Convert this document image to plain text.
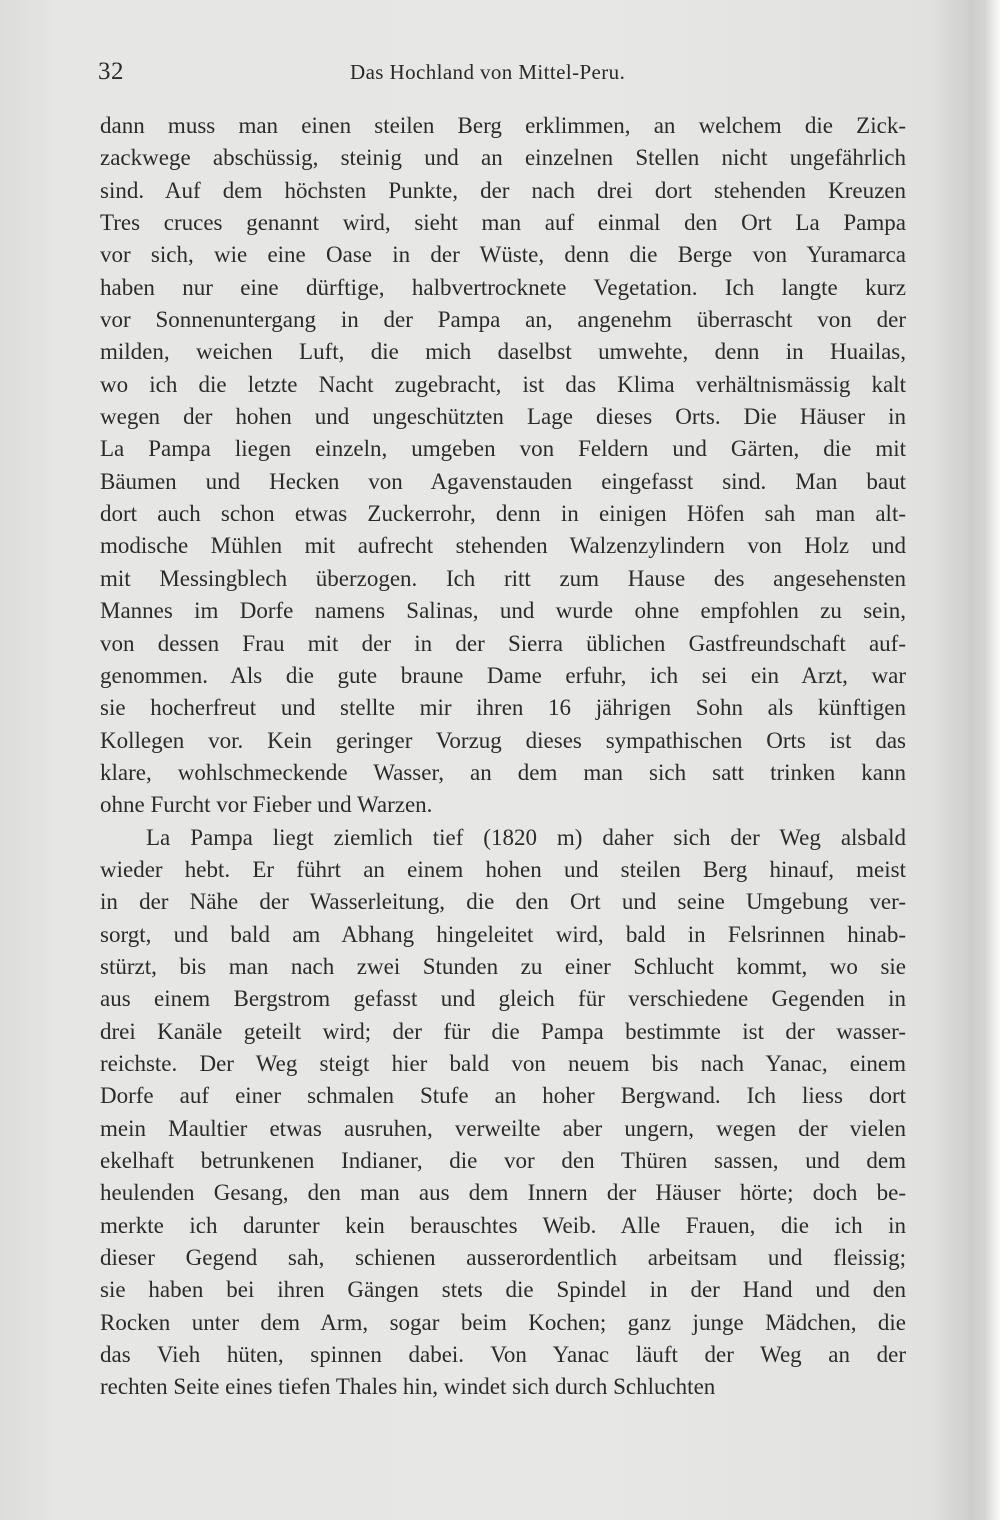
32	Das Hochland von Mittel-Peru.
dann muss man einen steilen Berg erklimmen, an welchem die Zick-
zackwege abschüssig, steinig und an einzelnen Stellen nicht ungefährlich
sind. Auf dem höchsten Punkte, der nach drei dort stehenden Kreuzen
Tres cruces genannt wird, sieht man auf einmal den Ort La Pampa
vor sich, wie eine Oase in der Wüste, denn die Berge von Yuramarca
haben nur eine dürftige, halbvertrocknete Vegetation. Ich langte kurz
vor Sonnenuntergang in der Pampa an, angenehm überrascht von der
milden, weichen Luft, die mich daselbst umwehte, denn in Huailas,
wo ich die letzte Nacht zugebracht, ist das Klima verhältnismässig kalt
wegen der hohen und ungeschützten Lage dieses Orts. Die Häuser in
La Pampa liegen einzeln, umgeben von Feldern und Gärten, die mit
Bäumen und Hecken von Agavenstauden eingefasst sind. Man baut
dort auch schon etwas Zuckerrohr, denn in einigen Höfen sah man alt-
modische Mühlen mit aufrecht stehenden Walzenzylindern von Holz und
mit Messingblech überzogen. Ich ritt zum Hause des angesehensten
Mannes im Dorfe namens Salinas, und wurde ohne empfohlen zu sein,
von dessen Frau mit der in der Sierra üblichen Gastfreundschaft auf-
genommen. Als die gute braune Dame erfuhr, ich sei ein Arzt, war
sie hocherfreut und stellte mir ihren 16 jährigen Sohn als künftigen
Kollegen vor. Kein geringer Vorzug dieses sympathischen Orts ist das
klare, wohlschmeckende Wasser, an dem man sich satt trinken kann
ohne Furcht vor Fieber und Warzen.
La Pampa liegt ziemlich tief (1820 m) daher sich der Weg alsbald
wieder hebt. Er führt an einem hohen und steilen Berg hinauf, meist
in der Nähe der Wasserleitung, die den Ort und seine Umgebung ver-
sorgt, und bald am Abhang hingeleitet wird, bald in Felsrinnen hinab-
stürzt, bis man nach zwei Stunden zu einer Schlucht kommt, wo sie
aus einem Bergstrom gefasst und gleich für verschiedene Gegenden in
drei Kanäle geteilt wird; der für die Pampa bestimmte ist der wasser-
reichste. Der Weg steigt hier bald von neuem bis nach Yanac, einem
Dorfe auf einer schmalen Stufe an hoher Bergwand. Ich liess dort
mein Maultier etwas ausruhen, verweilte aber ungern, wegen der vielen
ekelhaft betrunkenen Indianer, die vor den Thüren sassen, und dem
heulenden Gesang, den man aus dem Innern der Häuser hörte; doch be-
merkte ich darunter kein berauschtes Weib. Alle Frauen, die ich in
dieser Gegend sah, schienen ausserordentlich arbeitsam und fleissig;
sie haben bei ihren Gängen stets die Spindel in der Hand und den
Rocken unter dem Arm, sogar beim Kochen; ganz junge Mädchen, die
das Vieh hüten, spinnen dabei. Von Yanac läuft der Weg an der
rechten Seite eines tiefen Thales hin, windet sich durch Schluchten
